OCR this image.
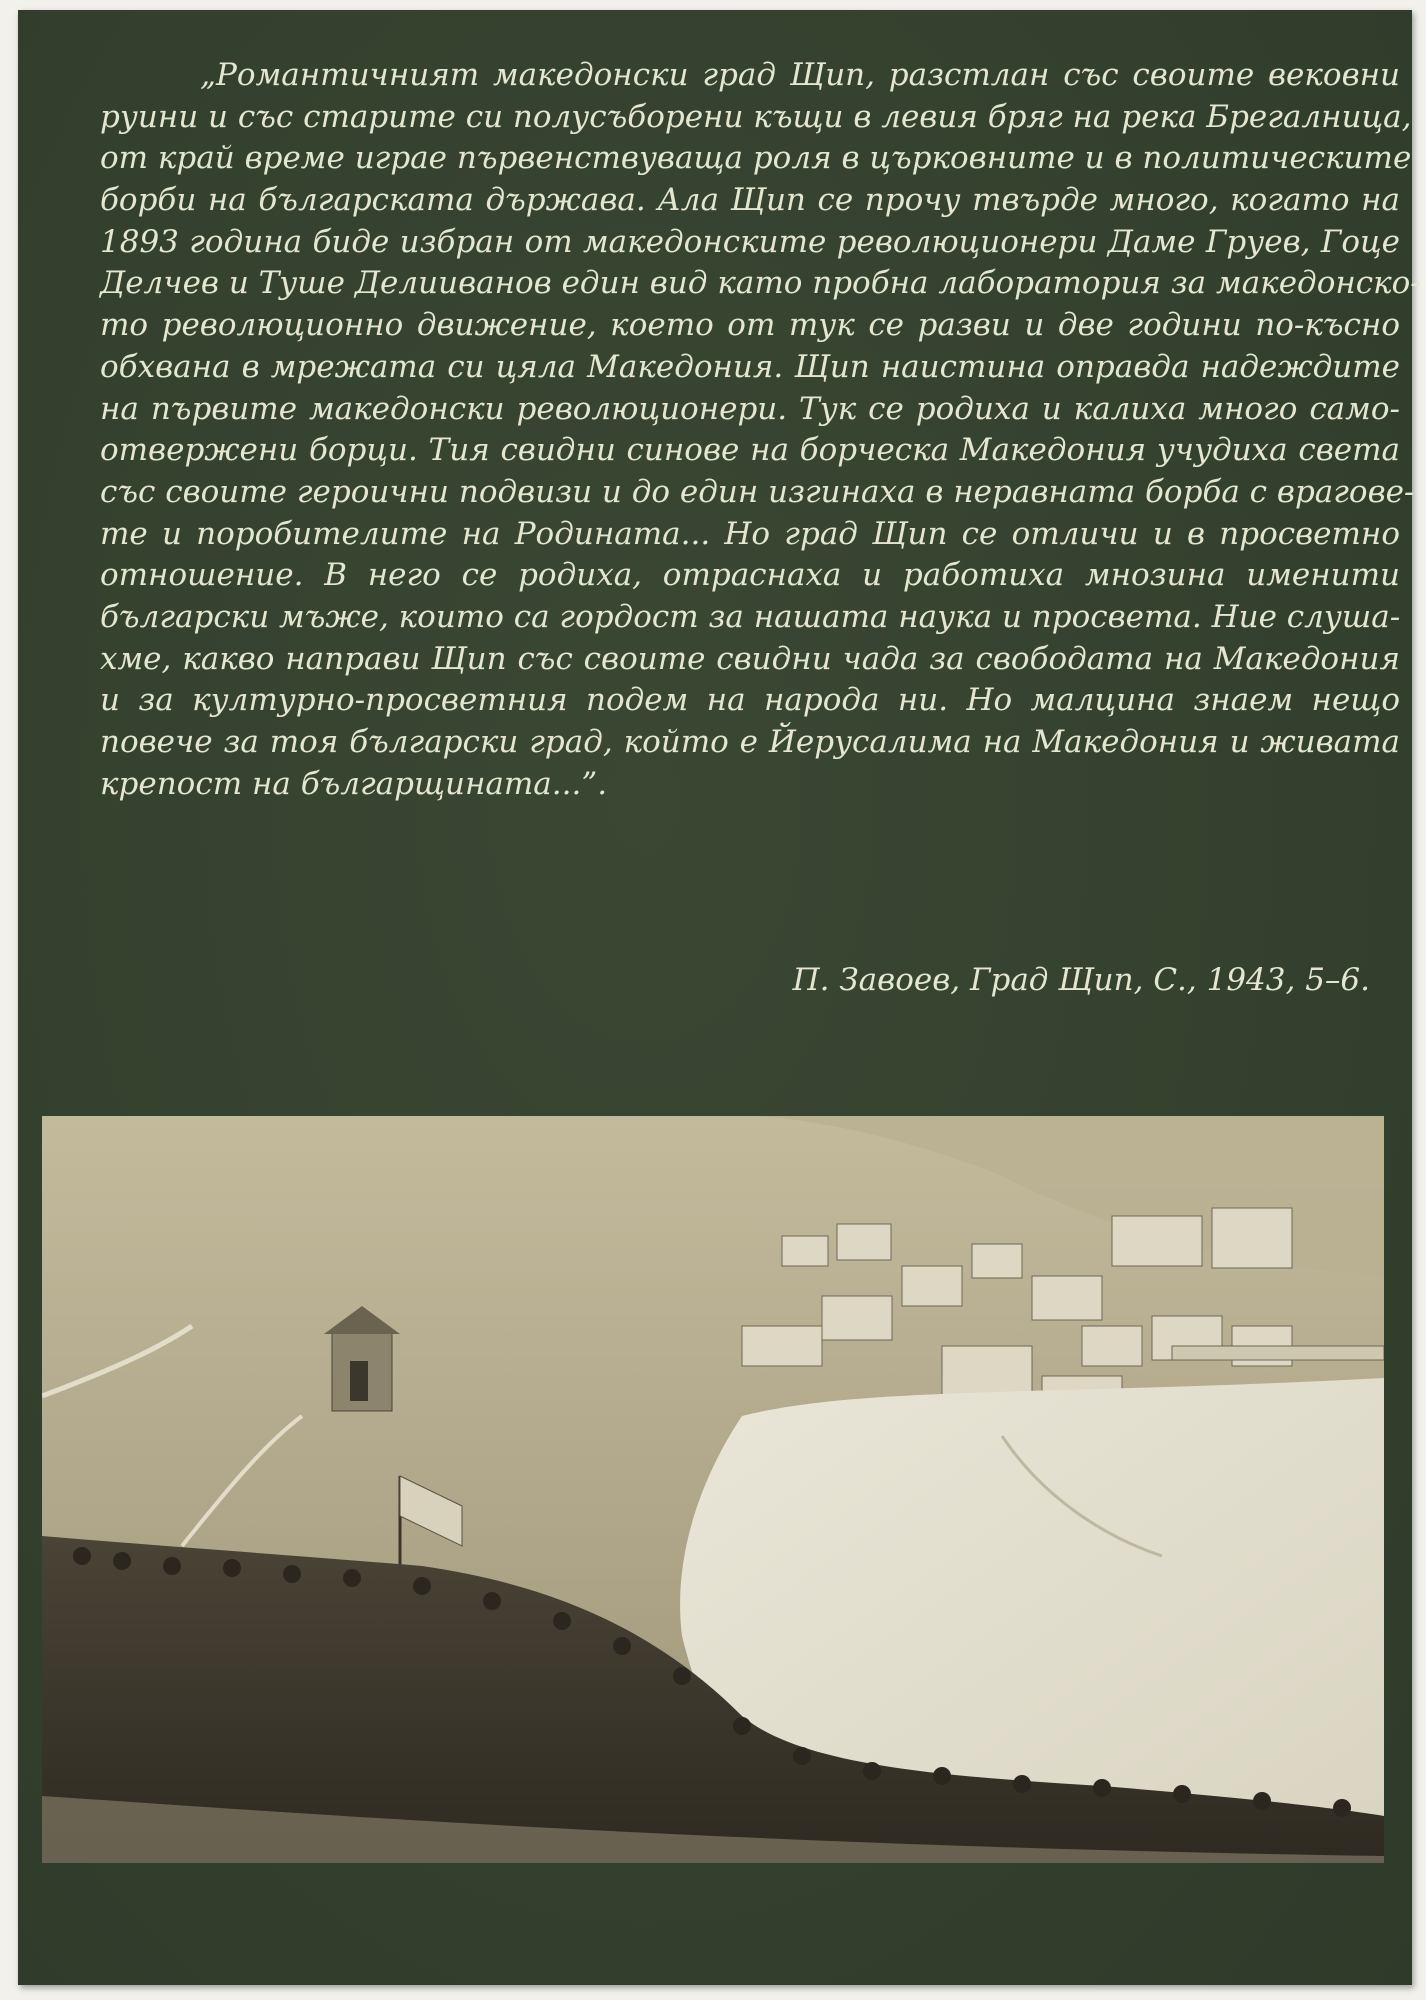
„Романтичният македонски град Щип, разстлан със своите вековни
руини и със старите си полусъборени къщи в левия бряг на река Брегалница,
от край време играе първенствуваща роля в църковните и в политическите
борби на българската държава. Ала Щип се прочу твърде много, когато на
1893 година биде избран от македонските революционери Даме Груев, Гоце
Делчев и Туше Делииванов един вид като пробна лаборатория за македонско-
то революционно движение, което от тук се разви и две години по-късно
обхвана в мрежата си цяла Македония. Щип наистина оправда надеждите
на първите македонски революционери. Тук се родиха и калиха много само-
отвержени борци. Тия свидни синове на борческа Македония учудиха света
със своите героични подвизи и до един изгинаха в неравната борба с врагове-
те и поробителите на Родината... Но град Щип се отличи и в просветно
отношение. В него се родиха, отраснаха и работиха мнозина именити
български мъже, които са гордост за нашата наука и просвета. Ние слуша-
хме, какво направи Щип със своите свидни чада за свободата на Македония
и за културно-просветния подем на народа ни. Но малцина знаем нещо
повече за тоя български град, който е Йерусалима на Македония и живата
крепост на българщината...”.

П. Завоев, Град Щип, С., 1943, 5–6.
